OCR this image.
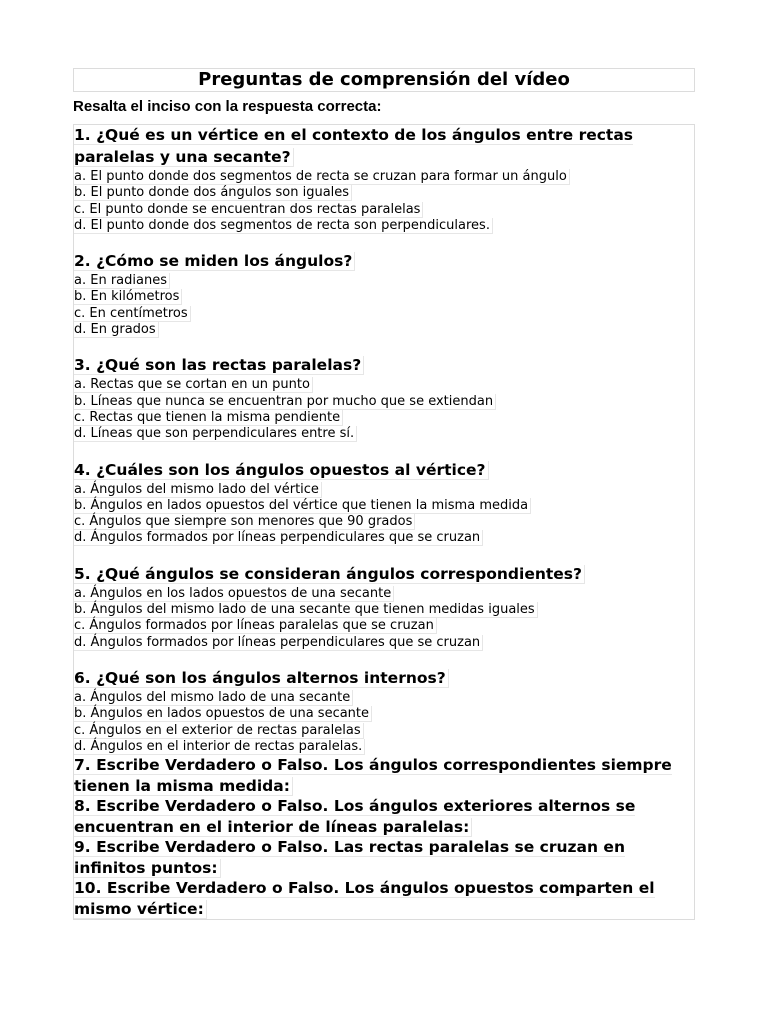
Preguntas de comprensión del vídeo
Resalta el inciso con la respuesta correcta:
1. ¿Qué es un vértice en el contexto de los ángulos entre rectas paralelas y una secante?
a. El punto donde dos segmentos de recta se cruzan para formar un ángulo
b. El punto donde dos ángulos son iguales
c. El punto donde se encuentran dos rectas paralelas
d. El punto donde dos segmentos de recta son perpendiculares.
2. ¿Cómo se miden los ángulos?
a. En radianes
b. En kilómetros
c. En centímetros
d. En grados
3. ¿Qué son las rectas paralelas?
a. Rectas que se cortan en un punto
b. Líneas que nunca se encuentran por mucho que se extiendan
c. Rectas que tienen la misma pendiente
d. Líneas que son perpendiculares entre sí.
4. ¿Cuáles son los ángulos opuestos al vértice?
a. Ángulos del mismo lado del vértice
b. Ángulos en lados opuestos del vértice que tienen la misma medida
c. Ángulos que siempre son menores que 90 grados
d. Ángulos formados por líneas perpendiculares que se cruzan
5. ¿Qué ángulos se consideran ángulos correspondientes?
a. Ángulos en los lados opuestos de una secante
b. Ángulos del mismo lado de una secante que tienen medidas iguales
c. Ángulos formados por líneas paralelas que se cruzan
d. Ángulos formados por líneas perpendiculares que se cruzan
6. ¿Qué son los ángulos alternos internos?
a. Ángulos del mismo lado de una secante
b. Ángulos en lados opuestos de una secante
c. Ángulos en el exterior de rectas paralelas
d. Ángulos en el interior de rectas paralelas.
7. Escribe Verdadero o Falso. Los ángulos correspondientes siempre tienen la misma medida:
8. Escribe Verdadero o Falso. Los ángulos exteriores alternos se encuentran en el interior de líneas paralelas:
9. Escribe Verdadero o Falso. Las rectas paralelas se cruzan en infinitos puntos:
10. Escribe Verdadero o Falso. Los ángulos opuestos comparten el mismo vértice:
